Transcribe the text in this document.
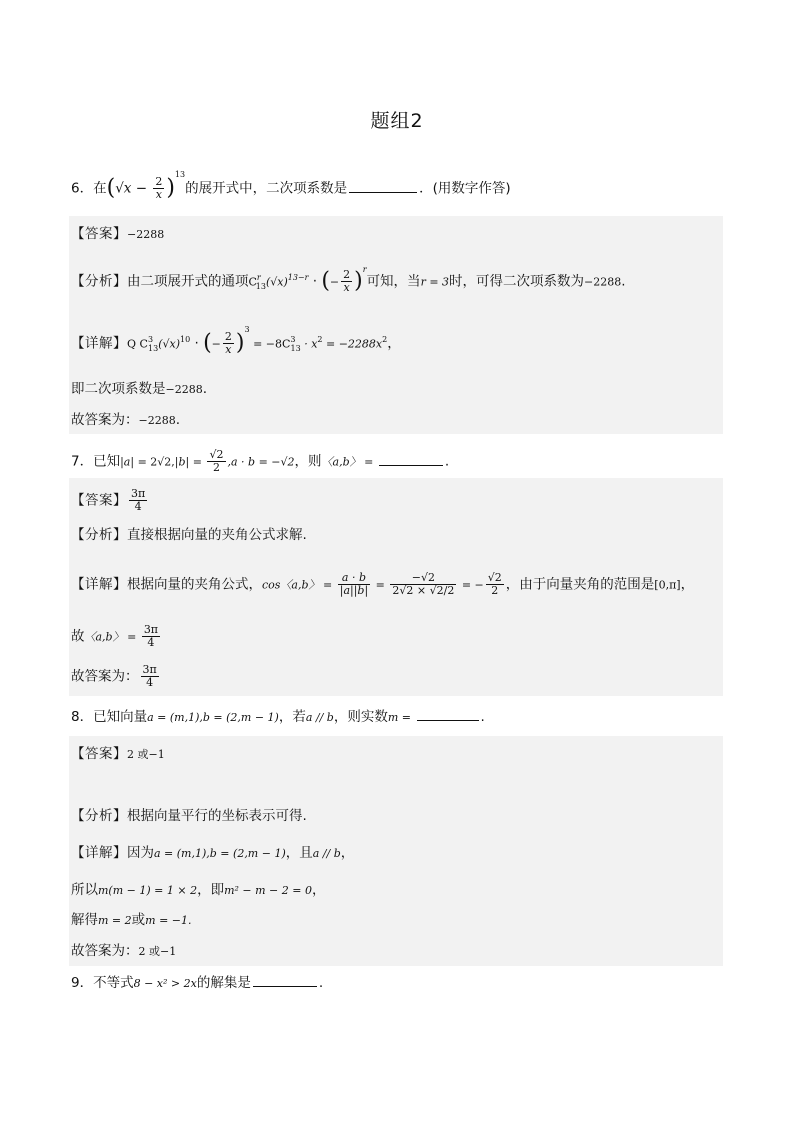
题组2
6．在$(√x - \frac{2}{x} )^{13}$的展开式中，二次项系数是	．(用数字作答)
【答案】−2288
【分析】由二项展开式的通项$C^r_{13}(√x)^{13-r}$ · (− $\frac{2}{x} )^r$可知，当r = 3时，可得二次项系数为−2288.
【详解】Q $C^3_{13}(√x)^{10}$ · (− $\frac{2}{x} )^3 = -8C^3_{13} \cdot x^2 = -2288x^2$，
即二次项系数是−2288.
故答案为：−2288.
7．已知$|a| = 2√2,|b| = \frac{√2}{2} ,a \cdot b = -√2$，则〈a,b〉 =	.
【答案】 $\frac{3\pi}{4}$
【分析】直接根据向量的夹角公式求解.
【详解】根据向量的夹角公式，cos〈a,b〉 = $\frac{a \cdot b}{|a||b|} = \frac{-√2}{2√2 \times √2/2}$ = − $\frac{√2}{2}$ ，由于向量夹角的范围是[0,π]，
故〈a,b〉 = $\frac{3\pi}{4}$
故答案为： $\frac{3\pi}{4}$
8．已知向量a = (m,1),b = (2,m − 1)，若a // b，则实数m =	.
【答案】2 或−1
【分析】根据向量平行的坐标表示可得.
【详解】因为a = (m,1),b = (2,m − 1)，且a // b，
所以m(m − 1) = 1 × 2，即m² − m − 2 = 0，
解得m = 2或m = −1.
故答案为：2 或−1
9．不等式8 − x² > 2x的解集是	.
